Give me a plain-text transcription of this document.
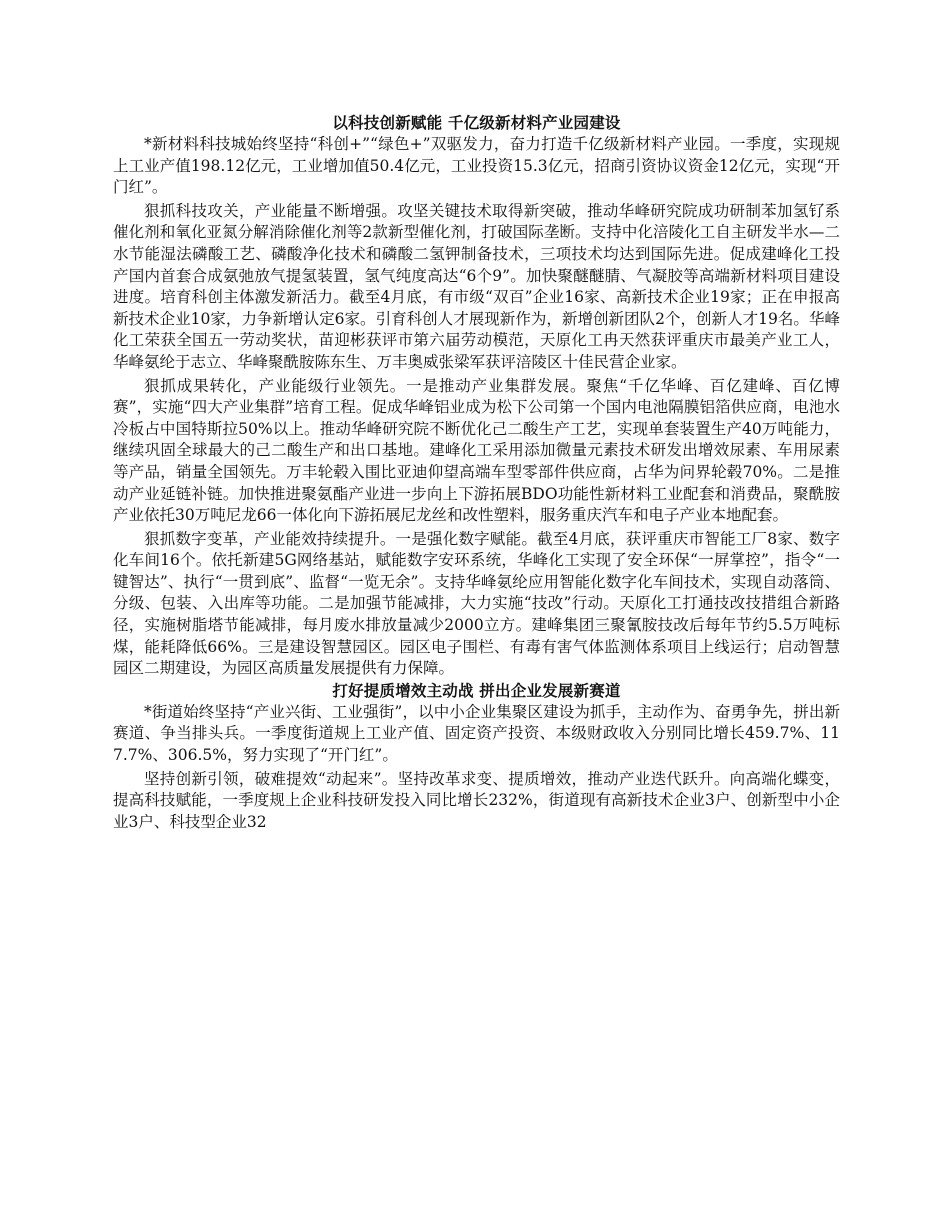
以科技创新赋能 千亿级新材料产业园建设

*新材料科技城始终坚持“科创+”“绿色+”双驱发力，奋力打造千亿级新材料产业园。一季度，实现规上工业产值198.12亿元，工业增加值50.4亿元，工业投资15.3亿元，招商引资协议资金12亿元，实现“开门红”。

狠抓科技攻关，产业能量不断增强。攻坚关键技术取得新突破，推动华峰研究院成功研制苯加氢钌系催化剂和氧化亚氮分解消除催化剂等2款新型催化剂，打破国际垄断。支持中化涪陵化工自主研发半水—二水节能湿法磷酸工艺、磷酸净化技术和磷酸二氢钾制备技术，三项技术均达到国际先进。促成建峰化工投产国内首套合成氨弛放气提氢装置，氢气纯度高达“6个9”。加快聚醚醚腈、气凝胶等高端新材料项目建设进度。培育科创主体激发新活力。截至4月底，有市级“双百”企业16家、高新技术企业19家；正在申报高新技术企业10家，力争新增认定6家。引育科创人才展现新作为，新增创新团队2个，创新人才19名。华峰化工荣获全国五一劳动奖状，苗迎彬获评市第六届劳动模范，天原化工冉天然获评重庆市最美产业工人，华峰氨纶于志立、华峰聚酰胺陈东生、万丰奥威张梁军获评涪陵区十佳民营企业家。

狠抓成果转化，产业能级行业领先。一是推动产业集群发展。聚焦“千亿华峰、百亿建峰、百亿博赛”，实施“四大产业集群”培育工程。促成华峰铝业成为松下公司第一个国内电池隔膜铝箔供应商，电池水冷板占中国特斯拉50%以上。推动华峰研究院不断优化己二酸生产工艺，实现单套装置生产40万吨能力，继续巩固全球最大的己二酸生产和出口基地。建峰化工采用添加微量元素技术研发出增效尿素、车用尿素等产品，销量全国领先。万丰轮毂入围比亚迪仰望高端车型零部件供应商，占华为问界轮毂70%。二是推动产业延链补链。加快推进聚氨酯产业进一步向上下游拓展BDO功能性新材料工业配套和消费品，聚酰胺产业依托30万吨尼龙66一体化向下游拓展尼龙丝和改性塑料，服务重庆汽车和电子产业本地配套。

狠抓数字变革，产业能效持续提升。一是强化数字赋能。截至4月底，获评重庆市智能工厂8家、数字化车间16个。依托新建5G网络基站，赋能数字安环系统，华峰化工实现了安全环保“一屏掌控”，指令“一键智达”、执行“一贯到底”、监督“一览无余”。支持华峰氨纶应用智能化数字化车间技术，实现自动落筒、分级、包装、入出库等功能。二是加强节能减排，大力实施“技改”行动。天原化工打通技改技措组合新路径，实施树脂塔节能减排，每月废水排放量减少2000立方。建峰集团三聚氰胺技改后每年节约5.5万吨标煤，能耗降低66%。三是建设智慧园区。园区电子围栏、有毒有害气体监测体系项目上线运行；启动智慧园区二期建设，为园区高质量发展提供有力保障。

打好提质增效主动战 拼出企业发展新赛道

*街道始终坚持“产业兴街、工业强街”，以中小企业集聚区建设为抓手，主动作为、奋勇争先，拼出新赛道、争当排头兵。一季度街道规上工业产值、固定资产投资、本级财政收入分别同比增长459.7%、117.7%、306.5%，努力实现了“开门红”。

坚持创新引领，破难提效“动起来”。坚持改革求变、提质增效，推动产业迭代跃升。向高端化蝶变，提高科技赋能，一季度规上企业科技研发投入同比增长232%，街道现有高新技术企业3户、创新型中小企业3户、科技型企业32
